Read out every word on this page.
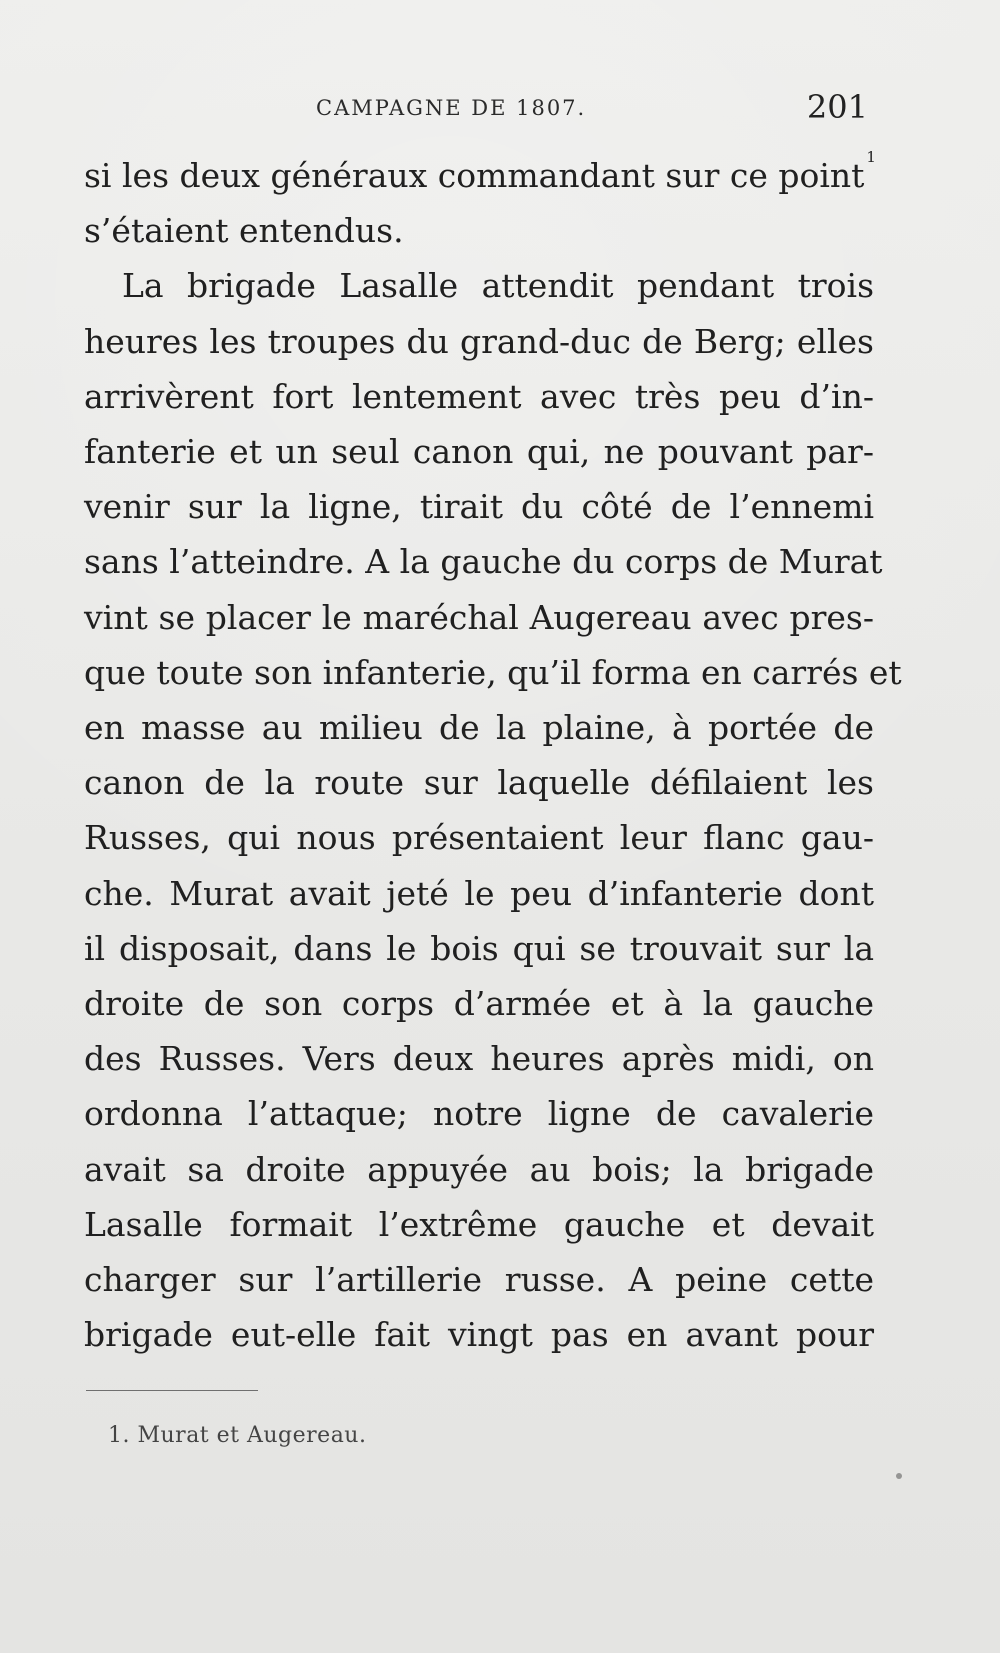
CAMPAGNE DE 1807.	201
si les deux généraux commandant sur ce point $^1$
s’étaient entendus.
La brigade Lasalle attendit pendant trois
heures les troupes du grand-duc de Berg; elles
arrivèrent fort lentement avec très peu d’in-
fanterie et un seul canon qui, ne pouvant par-
venir sur la ligne, tirait du côté de l’ennemi
sans l’atteindre. A la gauche du corps de Murat
vint se placer le maréchal Augereau avec pres-
que toute son infanterie, qu’il forma en carrés et
en masse au milieu de la plaine, à portée de
canon de la route sur laquelle défilaient les
Russes, qui nous présentaient leur flanc gau-
che. Murat avait jeté le peu d’infanterie dont
il disposait, dans le bois qui se trouvait sur la
droite de son corps d’armée et à la gauche
des Russes. Vers deux heures après midi, on
ordonna l’attaque; notre ligne de cavalerie
avait sa droite appuyée au bois; la brigade
Lasalle formait l’extrême gauche et devait
charger sur l’artillerie russe. A peine cette
brigade eut-elle fait vingt pas en avant pour
1. Murat et Augereau.
